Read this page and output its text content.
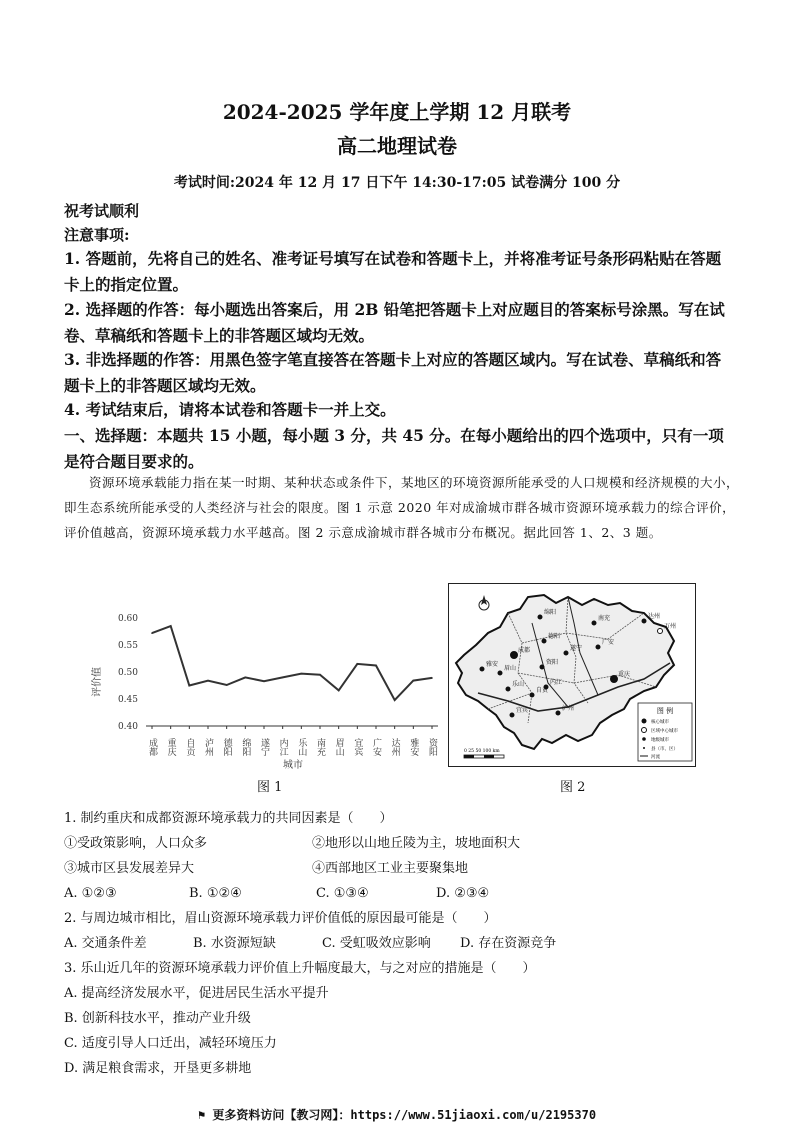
2024-2025 学年度上学期 12 月联考
高二地理试卷
考试时间:2024 年 12 月 17 日下午 14:30-17:05 试卷满分 100 分
祝考试顺利
注意事项:
1. 答题前，先将自己的姓名、准考证号填写在试卷和答题卡上，并将准考证号条形码粘贴在答题卡上的指定位置。
2. 选择题的作答：每小题选出答案后，用 2B 铅笔把答题卡上对应题目的答案标号涂黑。写在试卷、草稿纸和答题卡上的非答题区域均无效。
3. 非选择题的作答：用黑色签字笔直接答在答题卡上对应的答题区域内。写在试卷、草稿纸和答题卡上的非答题区域均无效。
4. 考试结束后，请将本试卷和答题卡一并上交。
一、选择题：本题共 15 小题，每小题 3 分，共 45 分。在每小题给出的四个选项中，只有一项是符合题目要求的。
资源环境承载能力指在某一时期、某种状态或条件下，某地区的环境资源所能承受的人口规模和经济规模的大小，即生态系统所能承受的人类经济与社会的限度。图 1 示意 2020 年对成渝城市群各城市资源环境承载力的综合评价，评价值越高，资源环境承载力水平越高。图 2 示意成渝城市群各城市分布概况。据此回答 1、2、3 题。
0.60
0.55
0.50
0.45
0.40
成都 重庆 自贡 泸州 德阳 绵阳 遂宁 内江 乐山 南充 眉山 宜宾 广安 达州 雅安 资阳
评价值
城市
图 1
绵阳
德阳
南充	达州
成都	遂宁
广安
资阳
内江
重庆
眉山
乐山
宜宾	泸州
自贡
雅安
万州
图 例
核心城市
区域中心城市
地级城市
县（市、区）
河流
0 25 50 100 km
图 2
1. 制约重庆和成都资源环境承载力的共同因素是（　　）
①受政策影响，人口众多	②地形以山地丘陵为主，坡地面积大
③城市区县发展差异大	④西部地区工业主要聚集地
A. ①②③	B. ①②④	C. ①③④	D. ②③④
2. 与周边城市相比，眉山资源环境承载力评价值低的原因最可能是（　　）
A. 交通条件差	B. 水资源短缺	C. 受虹吸效应影响 D. 存在资源竞争
3. 乐山近几年的资源环境承载力评价值上升幅度最大，与之对应的措施是（　　）
A. 提高经济发展水平，促进居民生活水平提升
B. 创新科技水平，推动产业升级
C. 适度引导人口迁出，减轻环境压力
D. 满足粮食需求，开垦更多耕地
⚑ 更多资料访问【教习网】：https://www.51jiaoxi.com/u/2195370
